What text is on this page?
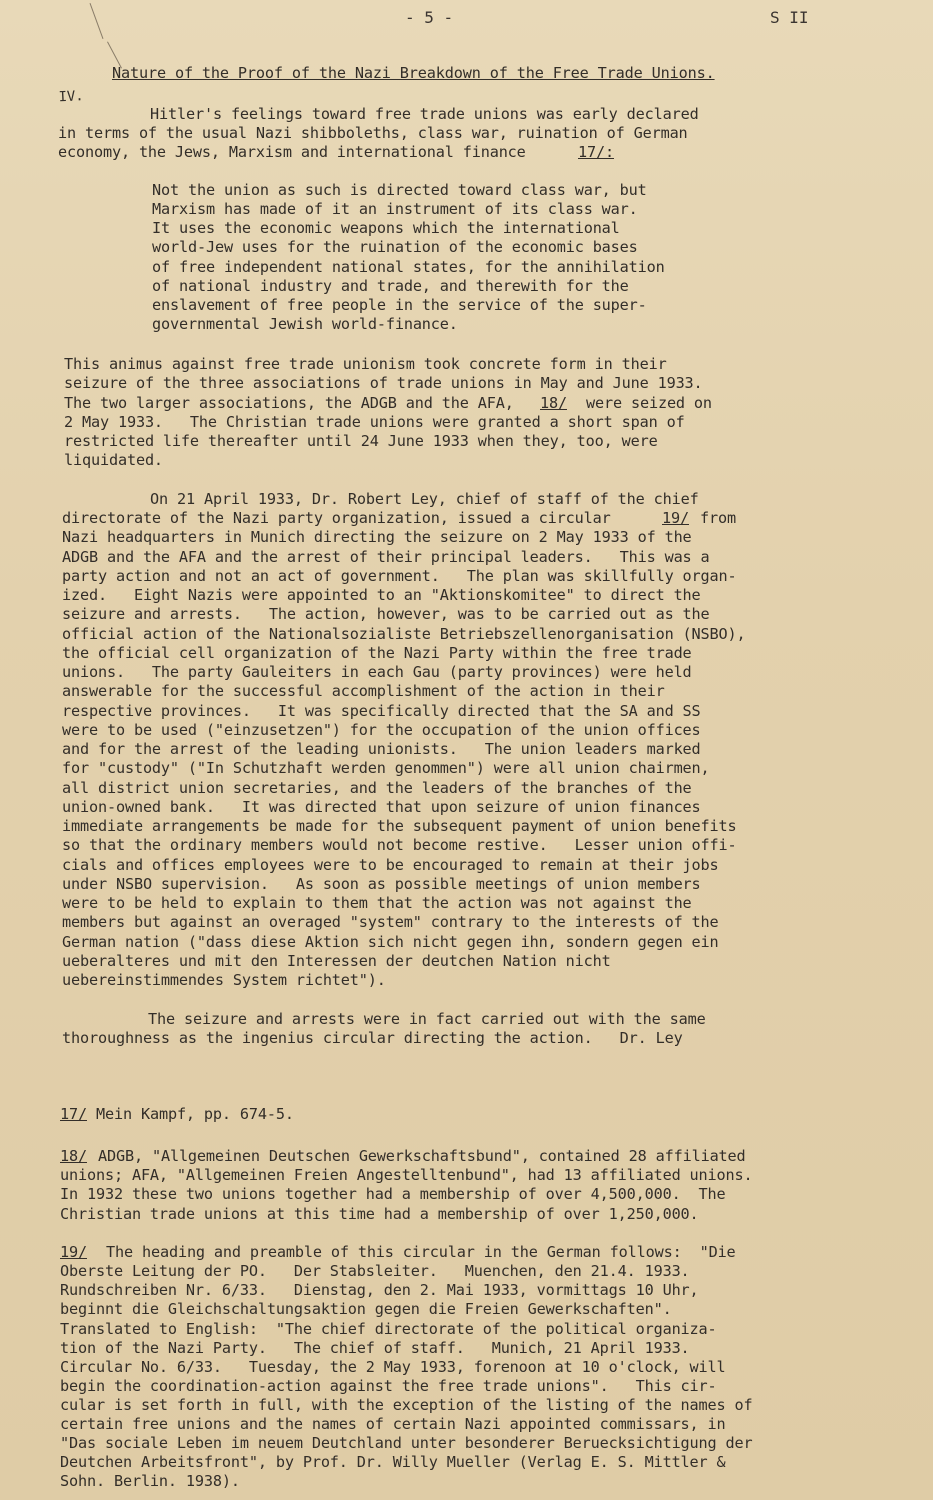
- 5 -	S II
IV.
Nature of the Proof of the Nazi Breakdown of the Free Trade Unions.
Hitler's feelings toward free trade unions was early declared
in terms of the usual Nazi shibboleths, class war, ruination of German
economy, the Jews, Marxism and international finance	17/:
Not the union as such is directed toward class war, but
Marxism has made of it an instrument of its class war.
It uses the economic weapons which the international
world-Jew uses for the ruination of the economic bases
of free independent national states, for the annihilation
of national industry and trade, and therewith for the
enslavement of free people in the service of the super-
governmental Jewish world-finance.
This animus against free trade unionism took concrete form in their
seizure of the three associations of trade unions in May and June 1933.
The two larger associations, the ADGB and the AFA,	18/ were seized on
2 May 1933.   The Christian trade unions were granted a short span of
restricted life thereafter until 24 June 1933 when they, too, were
liquidated.
On 21 April 1933, Dr. Robert Ley, chief of staff of the chief
directorate of the Nazi party organization, issued a circular	19/ from
Nazi headquarters in Munich directing the seizure on 2 May 1933 of the
ADGB and the AFA and the arrest of their principal leaders.   This was a
party action and not an act of government.   The plan was skillfully organ-
ized.   Eight Nazis were appointed to an "Aktionskomitee" to direct the
seizure and arrests.   The action, however, was to be carried out as the
official action of the Nationalsozialiste Betriebszellenorganisation (NSBO),
the official cell organization of the Nazi Party within the free trade
unions.   The party Gauleiters in each Gau (party provinces) were held
answerable for the successful accomplishment of the action in their
respective provinces.   It was specifically directed that the SA and SS
were to be used ("einzusetzen") for the occupation of the union offices
and for the arrest of the leading unionists.   The union leaders marked
for "custody" ("In Schutzhaft werden genommen") were all union chairmen,
all district union secretaries, and the leaders of the branches of the
union-owned bank.   It was directed that upon seizure of union finances
immediate arrangements be made for the subsequent payment of union benefits
so that the ordinary members would not become restive.   Lesser union offi-
cials and offices employees were to be encouraged to remain at their jobs
under NSBO supervision.   As soon as possible meetings of union members
were to be held to explain to them that the action was not against the
members but against an overaged "system" contrary to the interests of the
German nation ("dass diese Aktion sich nicht gegen ihn, sondern gegen ein
ueberalteres und mit den Interessen der deutchen Nation nicht
uebereinstimmendes System richtet").
The seizure and arrests were in fact carried out with the same
thoroughness as the ingenius circular directing the action.   Dr. Ley
17/ Mein Kampf, pp. 674-5.
18/ ADGB, "Allgemeinen Deutschen Gewerkschaftsbund", contained 28 affiliated
unions; AFA, "Allgemeinen Freien Angestelltenbund", had 13 affiliated unions.
In 1932 these two unions together had a membership of over 4,500,000.  The
Christian trade unions at this time had a membership of over 1,250,000.
19/ The heading and preamble of this circular in the German follows:  "Die
Oberste Leitung der PO.   Der Stabsleiter.   Muenchen, den 21.4. 1933.
Rundschreiben Nr. 6/33.   Dienstag, den 2. Mai 1933, vormittags 10 Uhr,
beginnt die Gleichschaltungsaktion gegen die Freien Gewerkschaften".
Translated to English:  "The chief directorate of the political organiza-
tion of the Nazi Party.   The chief of staff.   Munich, 21 April 1933.
Circular No. 6/33.   Tuesday, the 2 May 1933, forenoon at 10 o'clock, will
begin the coordination-action against the free trade unions".   This cir-
cular is set forth in full, with the exception of the listing of the names of
certain free unions and the names of certain Nazi appointed commissars, in
"Das sociale Leben im neuem Deutchland unter besonderer Beruecksichtigung der
Deutchen Arbeitsfront", by Prof. Dr. Willy Mueller (Verlag E. S. Mittler &
Sohn. Berlin. 1938).
